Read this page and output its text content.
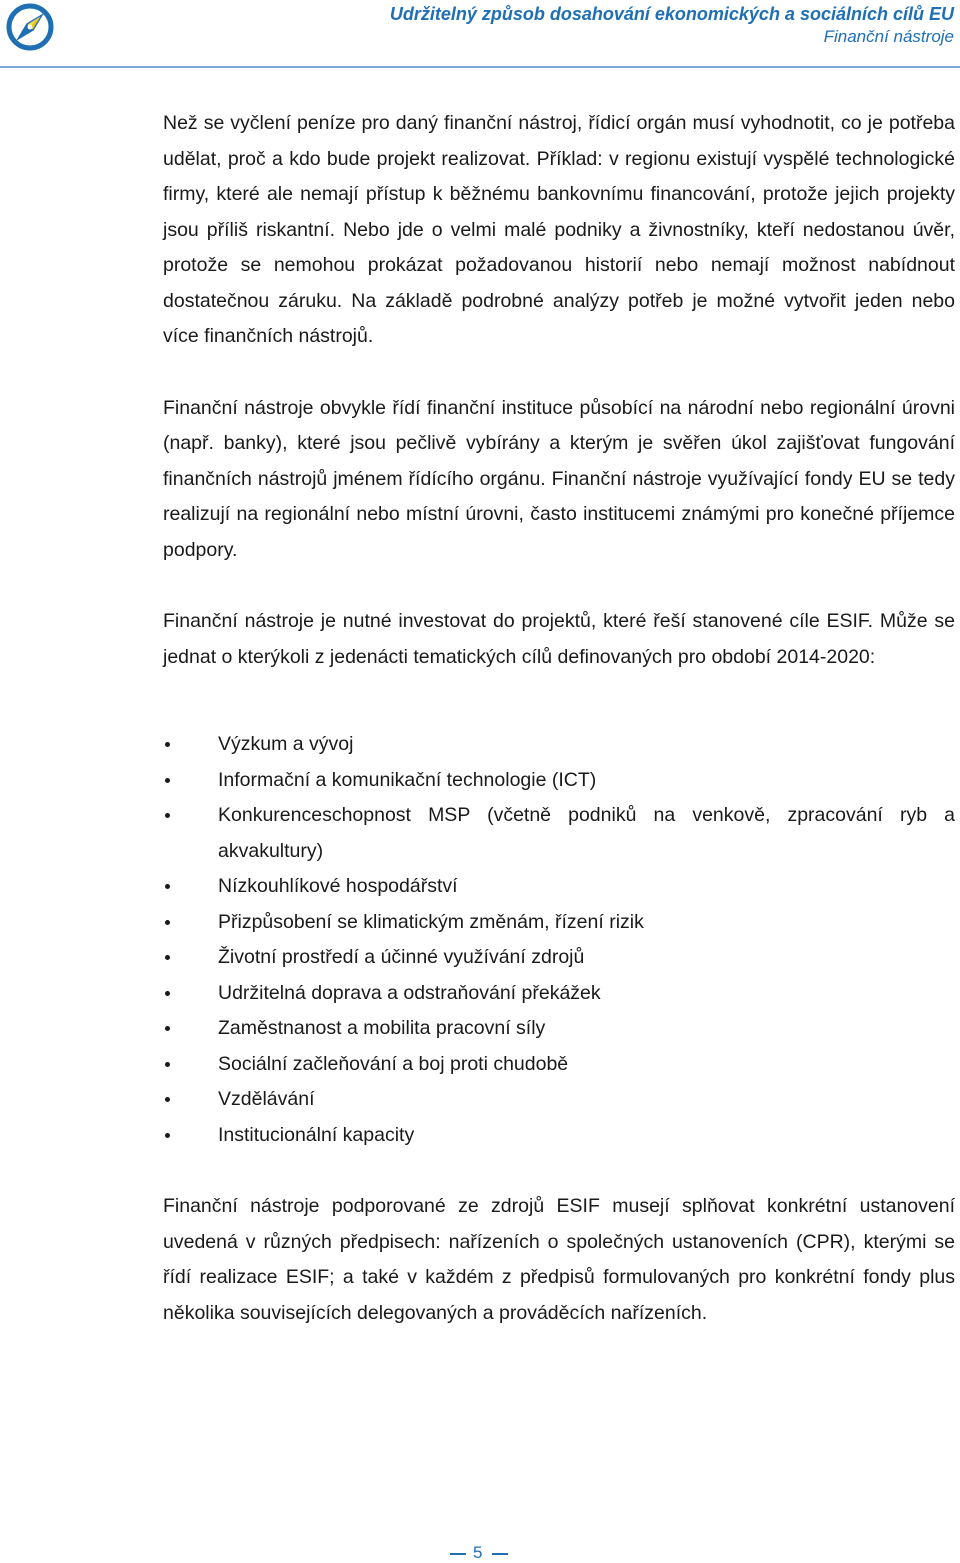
Udržitelný způsob dosahování ekonomických a sociálních cílů EU
Finanční nástroje

Než se vyčlení peníze pro daný finanční nástroj, řídicí orgán musí vyhodnotit, co je potřeba udělat, proč a kdo bude projekt realizovat. Příklad: v regionu existují vyspělé technologické firmy, které ale nemají přístup k běžnému bankovnímu financování, protože jejich projekty jsou příliš riskantní. Nebo jde o velmi malé podniky a živnostníky, kteří nedostanou úvěr, protože se nemohou prokázat požadovanou historií nebo nemají možnost nabídnout dostatečnou záruku. Na základě podrobné analýzy potřeb je možné vytvořit jeden nebo více finančních nástrojů.

Finanční nástroje obvykle řídí finanční instituce působící na národní nebo regionální úrovni (např. banky), které jsou pečlivě vybírány a kterým je svěřen úkol zajišťovat fungování finančních nástrojů jménem řídícího orgánu. Finanční nástroje využívající fondy EU se tedy realizují na regionální nebo místní úrovni, často institucemi známými pro konečné příjemce podpory.

Finanční nástroje je nutné investovat do projektů, které řeší stanovené cíle ESIF. Může se jednat o kterýkoli z jedenácti tematických cílů definovaných pro období 2014-2020:

Výzkum a vývoj
Informační a komunikační technologie (ICT)
Konkurenceschopnost MSP (včetně podniků na venkově, zpracování ryb a akvakultury)
Nízkouhlíkové hospodářství
Přizpůsobení se klimatickým změnám, řízení rizik
Životní prostředí a účinné využívání zdrojů
Udržitelná doprava a odstraňování překážek
Zaměstnanost a mobilita pracovní síly
Sociální začleňování a boj proti chudobě
Vzdělávání
Institucionální kapacity

Finanční nástroje podporované ze zdrojů ESIF musejí splňovat konkrétní ustanovení uvedená v různých předpisech: nařízeních o společných ustanoveních (CPR), kterými se řídí realizace ESIF; a také v každém z předpisů formulovaných pro konkrétní fondy plus několika souvisejících delegovaných a prováděcích nařízeních.

5
